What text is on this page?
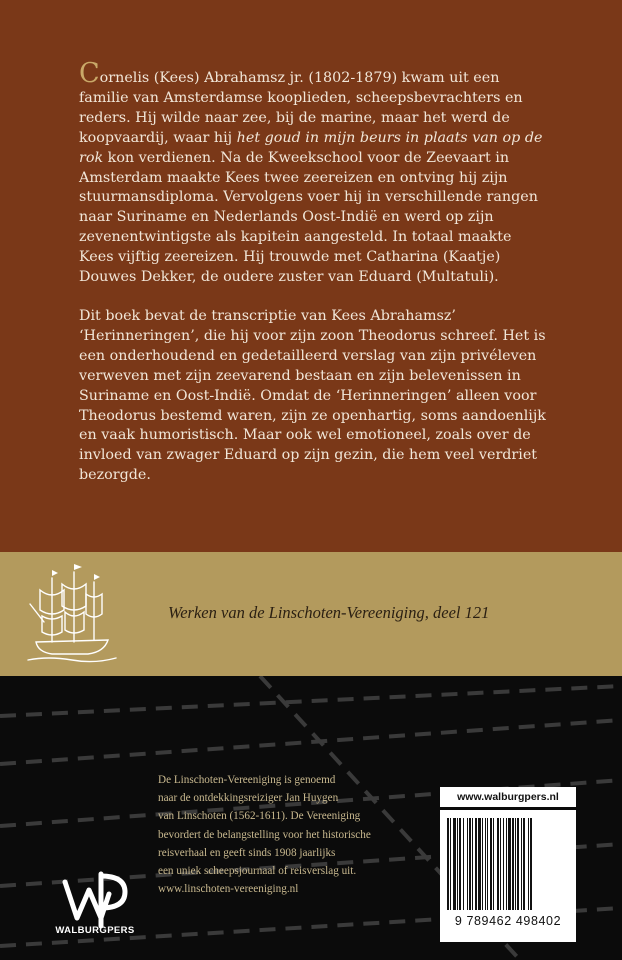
Cornelis (Kees) Abrahamsz jr. (1802-1879) kwam uit een familie van Amsterdamse kooplieden, scheepsbevrachters en reders. Hij wilde naar zee, bij de marine, maar het werd de koopvaardij, waar hij het goud in mijn beurs in plaats van op de rok kon verdienen. Na de Kweekschool voor de Zeevaart in Amsterdam maakte Kees twee zeereizen en ontving hij zijn stuurmansdiploma. Vervolgens voer hij in verschillende rangen naar Suriname en Nederlands Oost-Indië en werd op zijn zevenentwintigste als kapitein aangesteld. In totaal maakte Kees vijftig zeereizen. Hij trouwde met Catharina (Kaatje) Douwes Dekker, de oudere zuster van Eduard (Multatuli).

Dit boek bevat de transcriptie van Kees Abrahamsz’ ‘Herinneringen’, die hij voor zijn zoon Theodorus schreef. Het is een onderhoudend en gedetailleerd verslag van zijn privéleven verweven met zijn zeevarend bestaan en zijn belevenissen in Suriname en Oost-Indië. Omdat de ‘Herinneringen’ alleen voor Theodorus bestemd waren, zijn ze openhartig, soms aandoenlijk en vaak humoristisch. Maar ook wel emotioneel, zoals over de invloed van zwager Eduard op zijn gezin, die hem veel verdriet bezorgde.

Werken van de Linschoten-Vereeniging, deel 121
De Linschoten-Vereeniging is genoemd
naar de ontdekkingsreiziger Jan Huygen
van Linschoten (1562-1611). De Vereeniging
bevordert de belangstelling voor het historische
reisverhaal en geeft sinds 1908 jaarlijks
een uniek scheepsjournaal of reisverslag uit.
www.linschoten-vereeniging.nl
WALBURGPERS
www.walburgpers.nl
9 789462 498402
